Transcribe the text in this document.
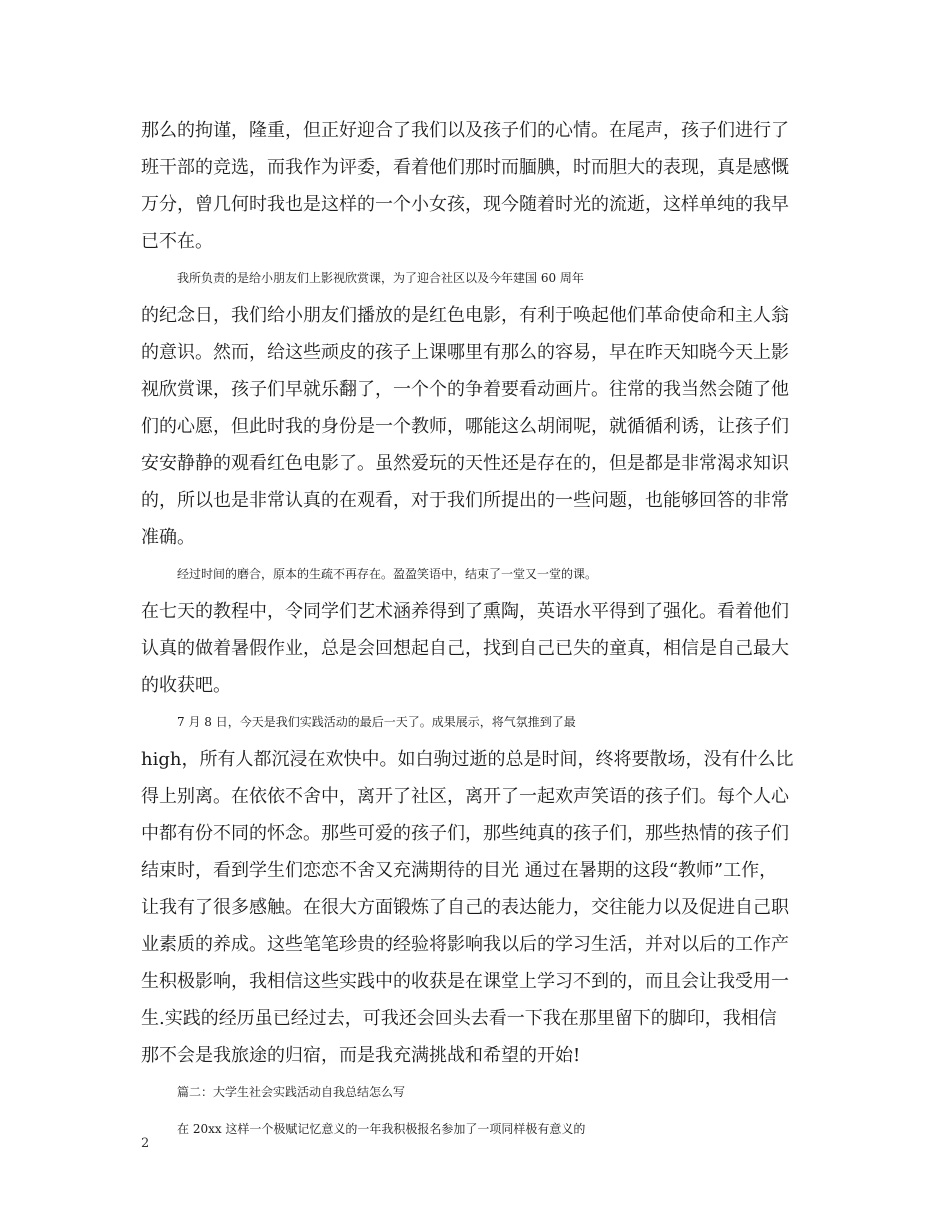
那么的拘谨，隆重，但正好迎合了我们以及孩子们的心情。在尾声，孩子们进行了
班干部的竞选，而我作为评委，看着他们那时而腼腆，时而胆大的表现，真是感慨
万分，曾几何时我也是这样的一个小女孩，现今随着时光的流逝，这样单纯的我早
已不在。
我所负责的是给小朋友们上影视欣赏课，为了迎合社区以及今年建国 60 周年
的纪念日，我们给小朋友们播放的是红色电影，有利于唤起他们革命使命和主人翁
的意识。然而，给这些顽皮的孩子上课哪里有那么的容易，早在昨天知晓今天上影
视欣赏课，孩子们早就乐翻了，一个个的争着要看动画片。往常的我当然会随了他
们的心愿，但此时我的身份是一个教师，哪能这么胡闹呢，就循循利诱，让孩子们
安安静静的观看红色电影了。虽然爱玩的天性还是存在的，但是都是非常渴求知识
的，所以也是非常认真的在观看，对于我们所提出的一些问题，也能够回答的非常
准确。
经过时间的磨合，原本的生疏不再存在。盈盈笑语中，结束了一堂又一堂的课。
在七天的教程中，令同学们艺术涵养得到了熏陶，英语水平得到了强化。看着他们
认真的做着暑假作业，总是会回想起自己，找到自己已失的童真，相信是自己最大
的收获吧。
7 月 8 日，今天是我们实践活动的最后一天了。成果展示，将气氛推到了最
high，所有人都沉浸在欢快中。如白驹过逝的总是时间，终将要散场，没有什么比
得上别离。在依依不舍中，离开了社区，离开了一起欢声笑语的孩子们。每个人心
中都有份不同的怀念。那些可爱的孩子们，那些纯真的孩子们，那些热情的孩子们
结束时，看到学生们恋恋不舍又充满期待的目光 通过在暑期的这段“教师”工作，
让我有了很多感触。在很大方面锻炼了自己的表达能力，交往能力以及促进自己职
业素质的养成。这些笔笔珍贵的经验将影响我以后的学习生活，并对以后的工作产
生积极影响，我相信这些实践中的收获是在课堂上学习不到的，而且会让我受用一
生.实践的经历虽已经过去，可我还会回头去看一下我在那里留下的脚印，我相信
那不会是我旅途的归宿，而是我充满挑战和希望的开始!
篇二：大学生社会实践活动自我总结怎么写
在 20xx 这样一个极赋记忆意义的一年我积极报名参加了一项同样极有意义的
2
